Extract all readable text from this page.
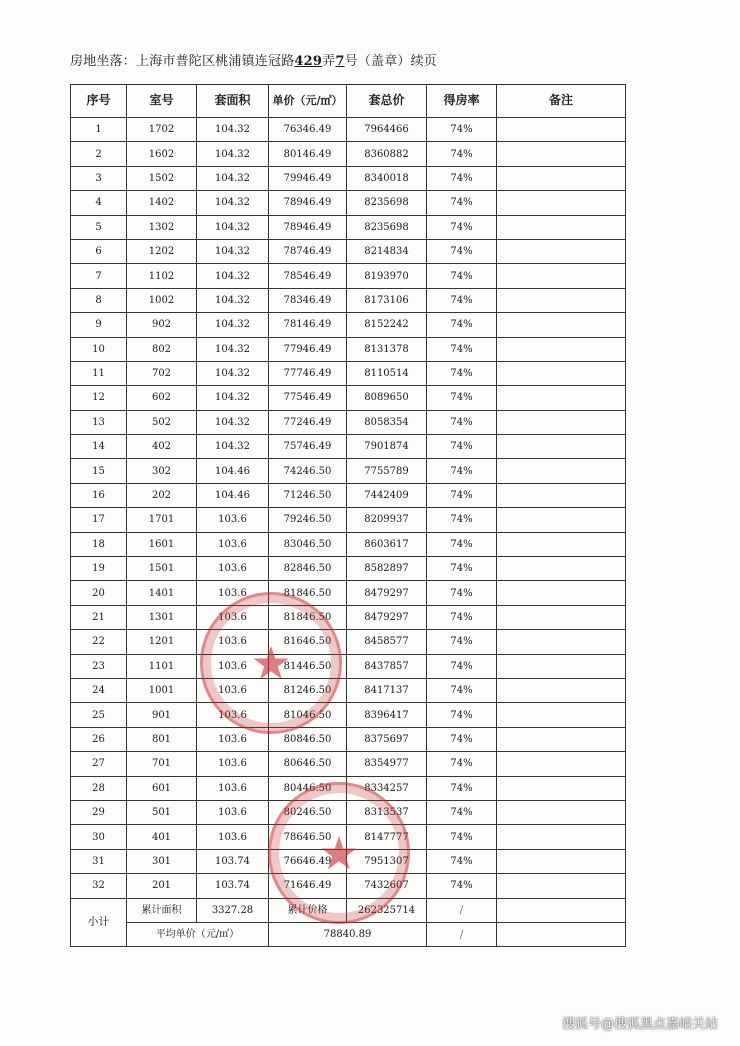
房地坐落：上海市普陀区桃浦镇连冠路429弄7号（盖章）续页
序号	室号	套面积	单价（元/㎡）	套总价	得房率	备注
1	1702	104.32	76346.49	7964466	74%	
2	1602	104.32	80146.49	8360882	74%	
3	1502	104.32	79946.49	8340018	74%	
4	1402	104.32	78946.49	8235698	74%	
5	1302	104.32	78946.49	8235698	74%	
6	1202	104.32	78746.49	8214834	74%	
7	1102	104.32	78546.49	8193970	74%	
8	1002	104.32	78346.49	8173106	74%	
9	902	104.32	78146.49	8152242	74%	
10	802	104.32	77946.49	8131378	74%	
11	702	104.32	77746.49	8110514	74%	
12	602	104.32	77546.49	8089650	74%	
13	502	104.32	77246.49	8058354	74%	
14	402	104.32	75746.49	7901874	74%	
15	302	104.46	74246.50	7755789	74%	
16	202	104.46	71246.50	7442409	74%	
17	1701	103.6	79246.50	8209937	74%	
18	1601	103.6	83046.50	8603617	74%	
19	1501	103.6	82846.50	8582897	74%	
20	1401	103.6	81846.50	8479297	74%	
21	1301	103.6	81846.50	8479297	74%	
22	1201	103.6	81646.50	8458577	74%	
23	1101	103.6	81446.50	8437857	74%	
24	1001	103.6	81246.50	8417137	74%	
25	901	103.6	81046.50	8396417	74%	
26	801	103.6	80846.50	8375697	74%	
27	701	103.6	80646.50	8354977	74%	
28	601	103.6	80446.50	8334257	74%	
29	501	103.6	80246.50	8313537	74%	
30	401	103.6	78646.50	8147777	74%	
31	301	103.74	76646.49	7951307	74%	
32	201	103.74	71646.49	7432607	74%	
小计	累计面积	3327.28	累计价格	262325714	/	
	平均单价（元/㎡）		78840.89		/	
★
★
搜狐号@搜狐黑点嘉峪关站
